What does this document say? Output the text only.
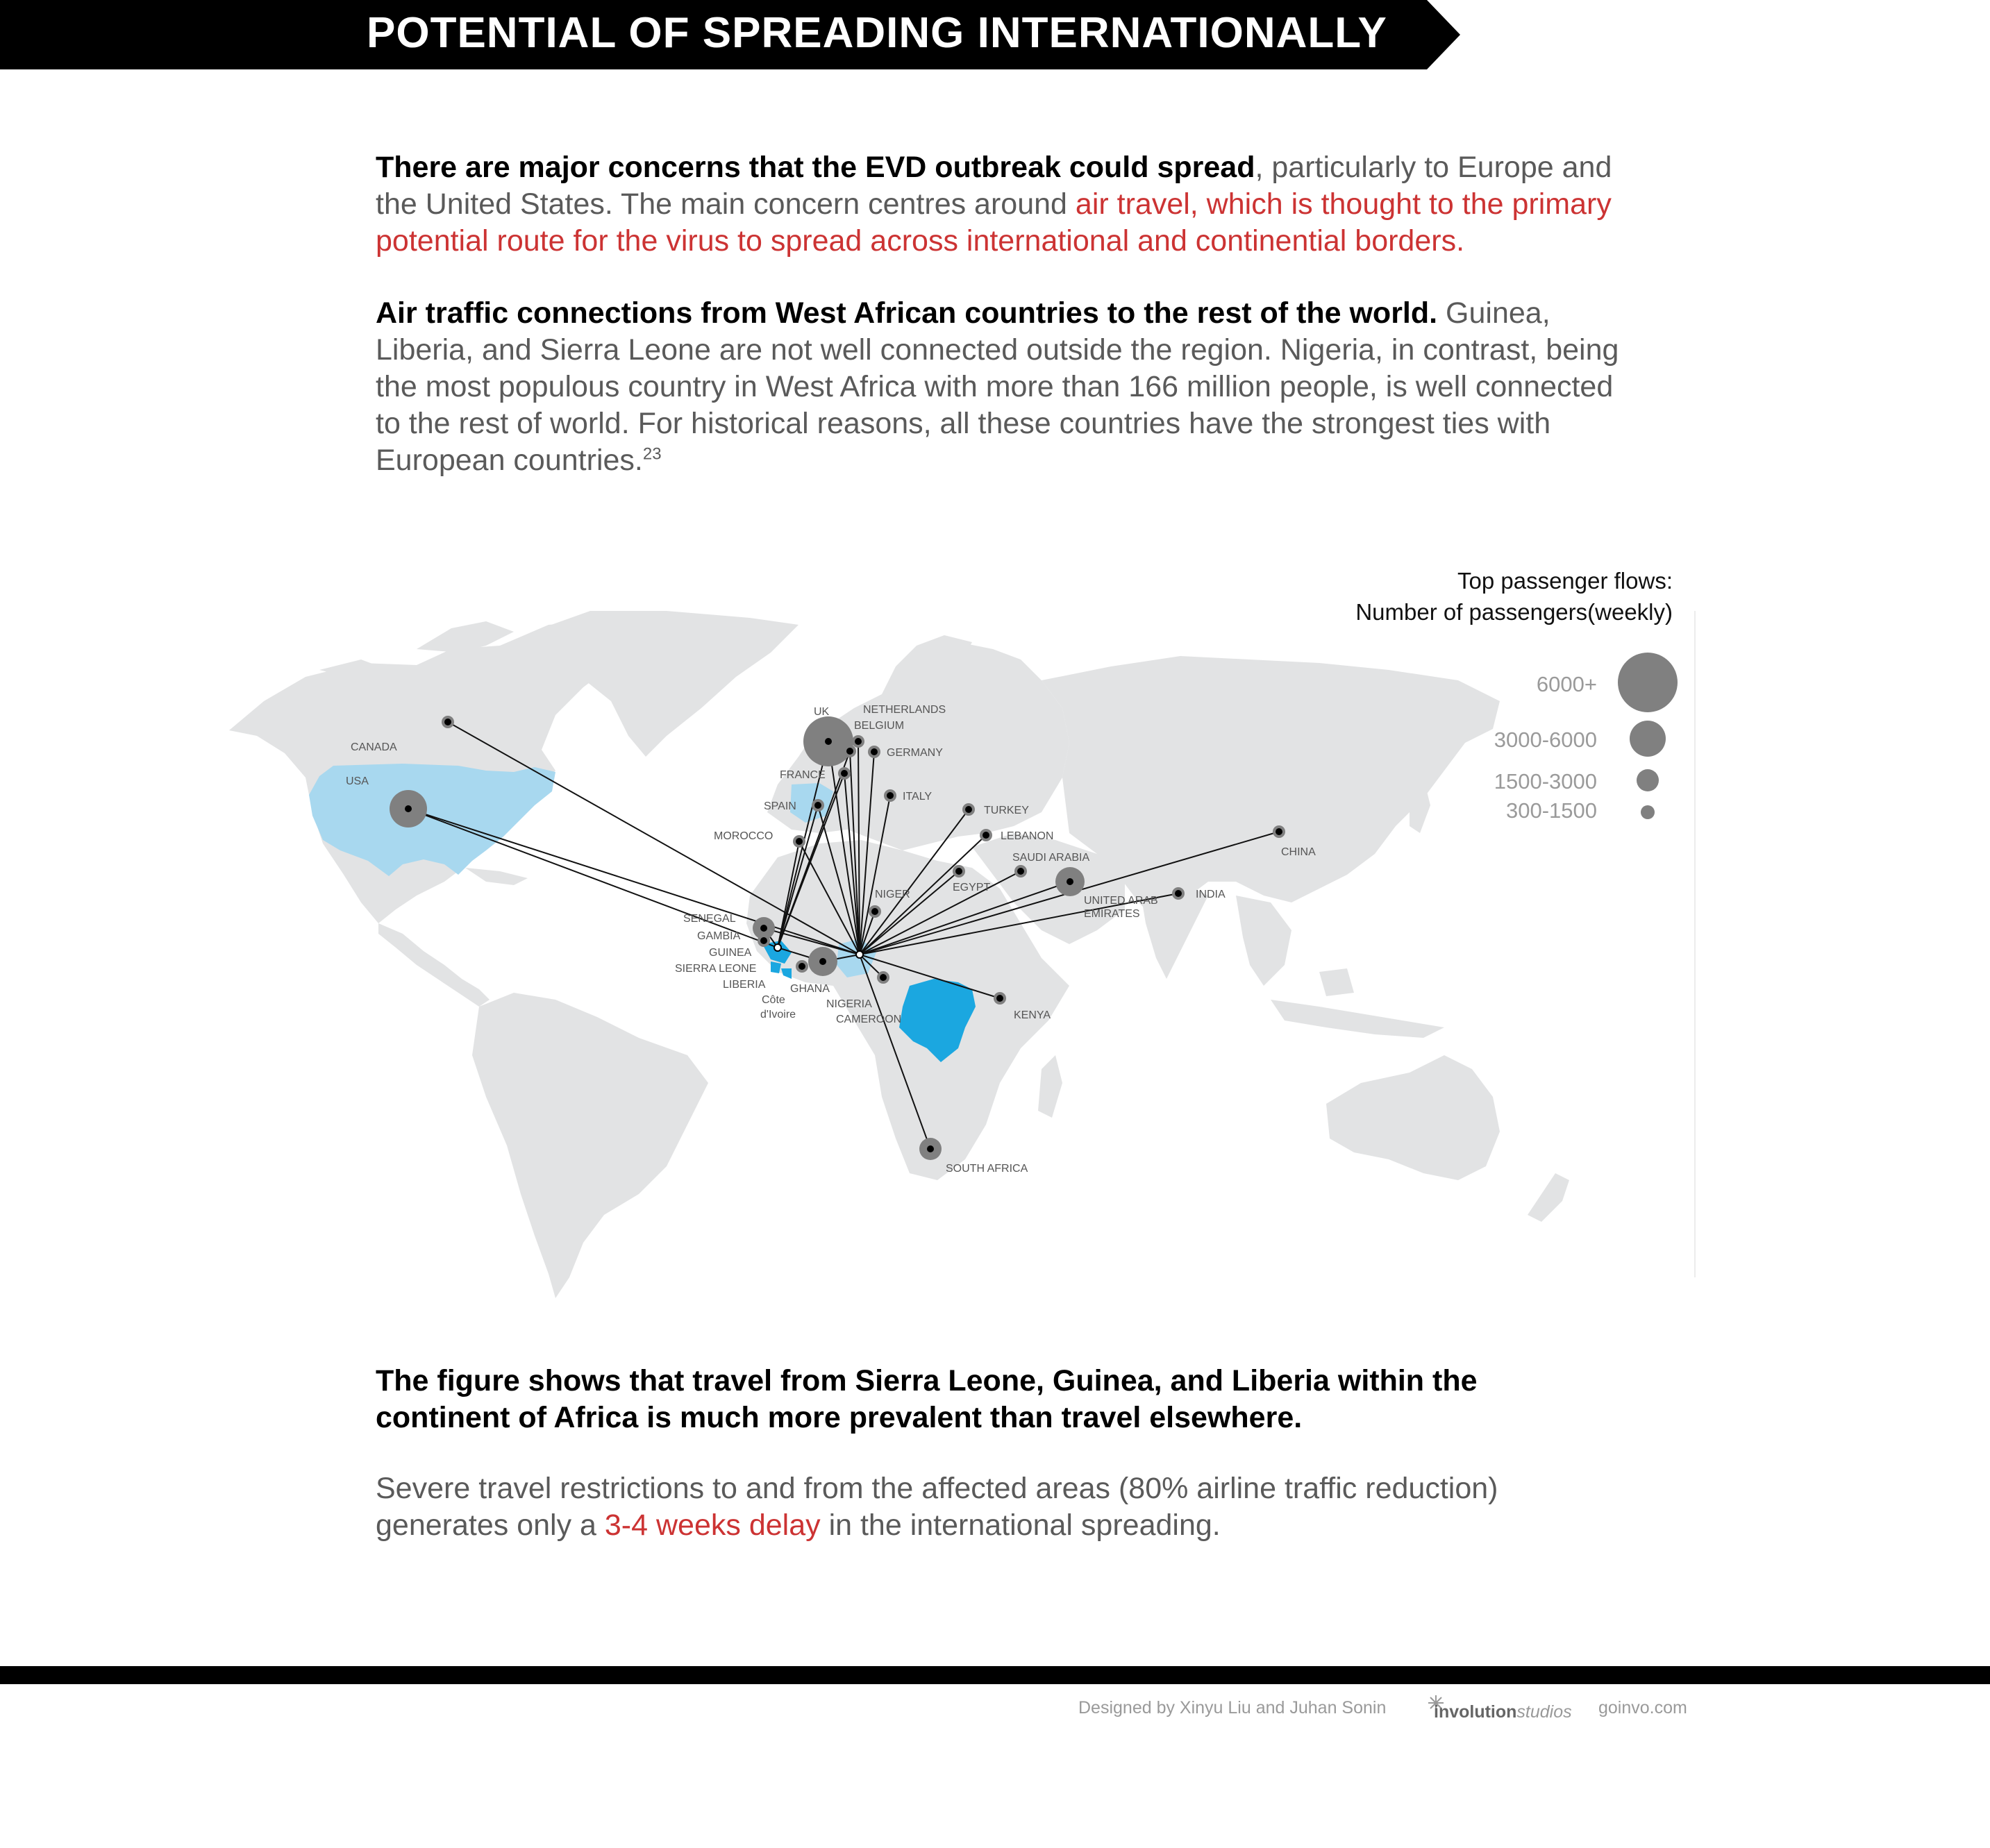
POTENTIAL OF SPREADING INTERNATIONALLY
There are major concerns that the EVD outbreak could spread, particularly to Europe and the United States. The main concern centres around air travel, which is thought to the primary potential route for the virus to spread across international and continential borders.
Air traffic connections from West African countries to the rest of the world. Guinea, Liberia, and Sierra Leone are not well connected outside the region. Nigeria, in contrast, being the most populous country in West Africa with more than 166 million people, is well connected to the rest of world. For historical reasons, all these countries have the strongest ties with European countries.$^{23}$
Top passenger flows:
Number of passengers(weekly)
6000+
3000-6000
1500-3000
300-1500
CANADA
USA
UK	NETHERLANDS
BELGIUM
GERMANY
FRANCE
SPAIN
ITALY
MOROCCO
TURKEY
LEBANON
SAUDI ARABIA
EGYPT
UNITED ARAB
EMIRATES
INDIA
CHINA
NIGER
KENYA
SOUTH AFRICA
SENEGAL
GAMBIA
GUINEA
SIERRA LEONE
LIBERIA GHANA
Côte
d'Ivoire
NIGERIA
CAMEROON
The figure shows that travel from Sierra Leone, Guinea, and Liberia within the continent of Africa is much more prevalent than travel elsewhere.
Severe travel restrictions to and from the affected areas (80% airline traffic reduction) generates only a 3-4 weeks delay in the international spreading.
Designed by Xinyu Liu and Juhan Sonin	involutionstudios goinvo.com
